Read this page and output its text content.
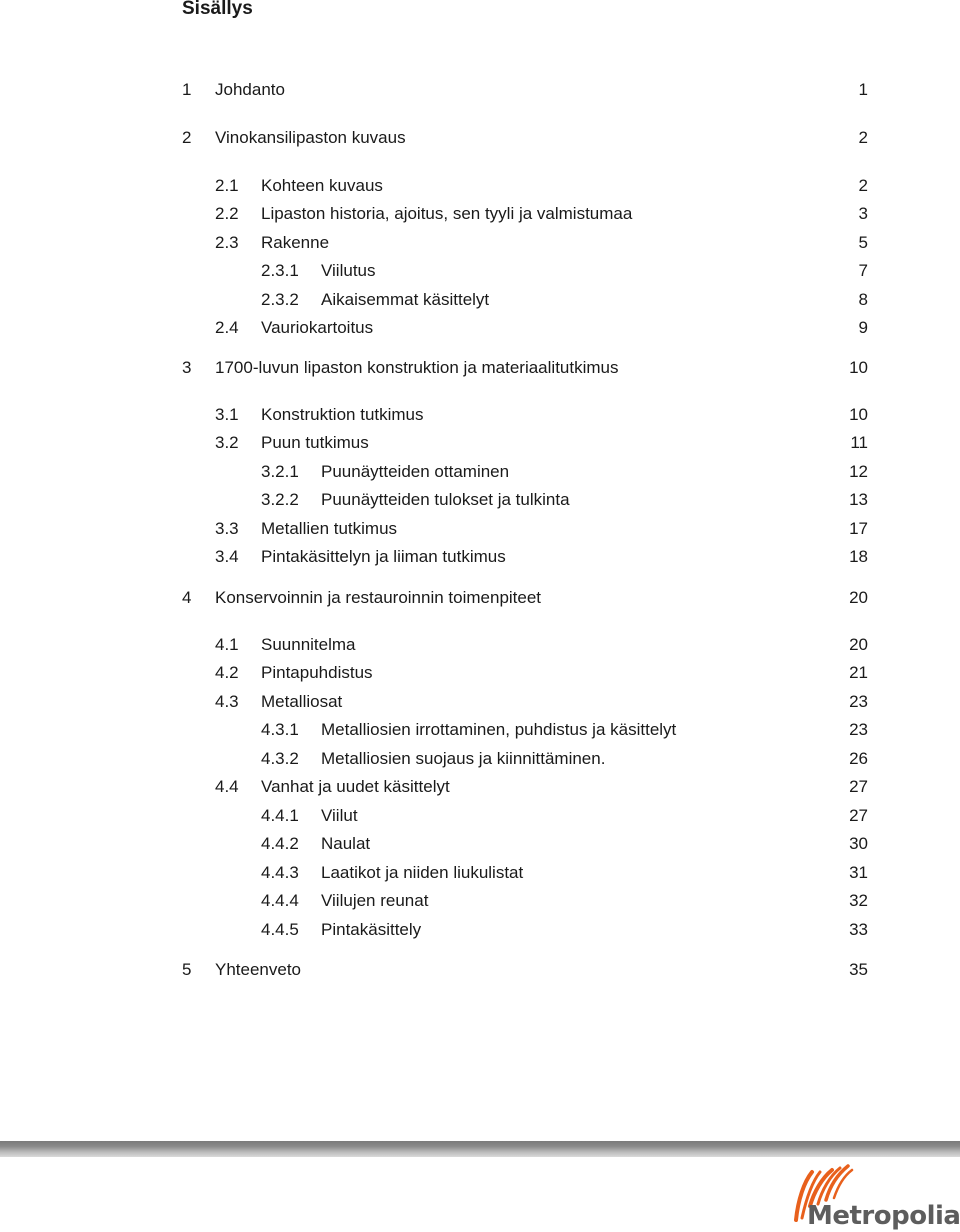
Sisällys
1 Johdanto	1
2 Vinokansilipaston kuvaus	2
2.1 Kohteen kuvaus	2
2.2 Lipaston historia, ajoitus, sen tyyli ja valmistumaa	3
2.3 Rakenne	5
2.3.1 Viilutus	7
2.3.2 Aikaisemmat käsittelyt	8
2.4 Vauriokartoitus	9
3 1700-luvun lipaston konstruktion ja materiaalitutkimus	10
3.1 Konstruktion tutkimus	10
3.2 Puun tutkimus	11
3.2.1 Puunäytteiden ottaminen	12
3.2.2 Puunäytteiden tulokset ja tulkinta	13
3.3 Metallien tutkimus	17
3.4 Pintakäsittelyn ja liiman tutkimus	18
4 Konservoinnin ja restauroinnin toimenpiteet	20
4.1 Suunnitelma	20
4.2 Pintapuhdistus	21
4.3 Metalliosat	23
4.3.1 Metalliosien irrottaminen, puhdistus ja käsittelyt	23
4.3.2 Metalliosien suojaus ja kiinnittäminen.	26
4.4 Vanhat ja uudet käsittelyt	27
4.4.1 Viilut	27
4.4.2 Naulat	30
4.4.3 Laatikot ja niiden liukulistat	31
4.4.4 Viilujen reunat	32
4.4.5 Pintakäsittely	33
5 Yhteenveto	35
Metropolia
